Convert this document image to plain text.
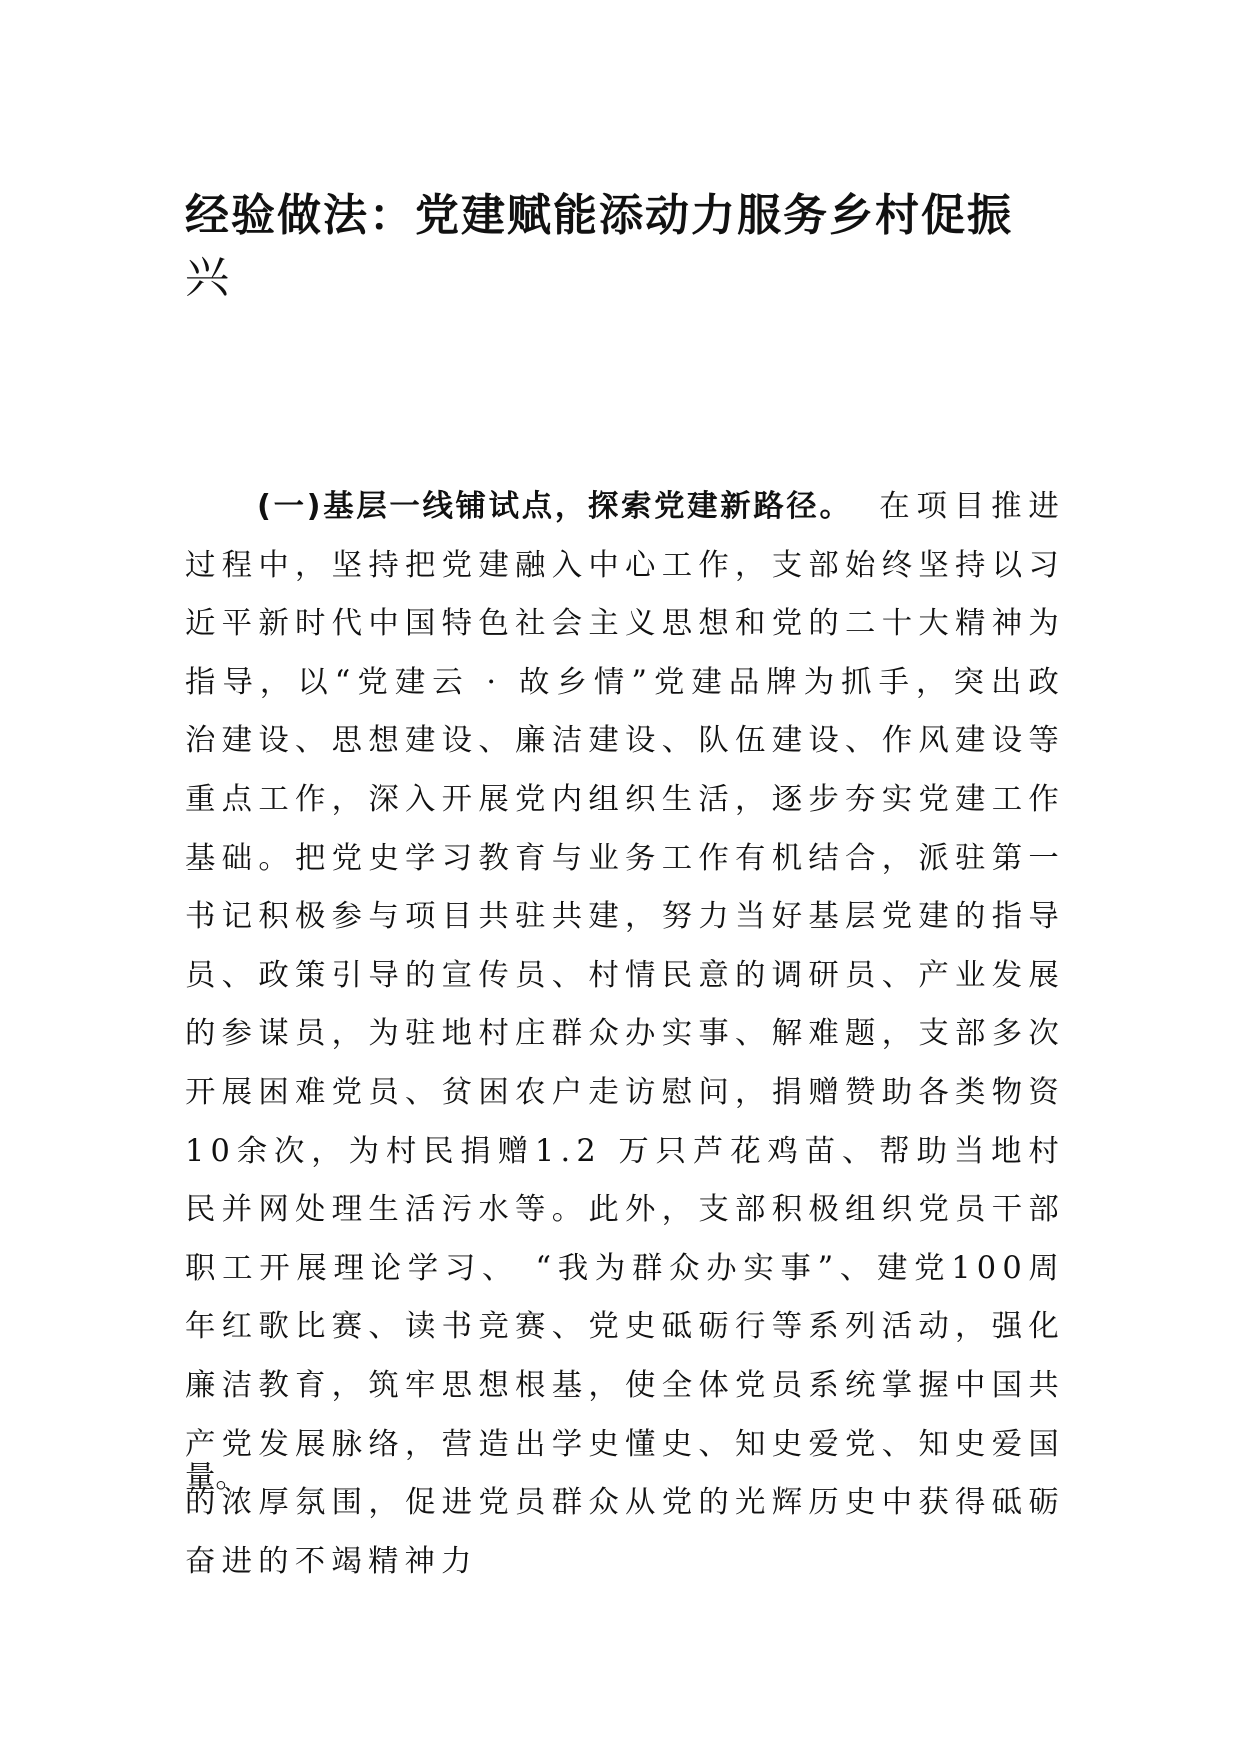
经验做法：党建赋能添动力服务乡村促振
兴

(一)基层一线铺试点，探索党建新路径。 在项目推进过程中，坚持把党建融入中心工作，支部始终坚持以习近平新时代中国特色社会主义思想和党的二十大精神为指导，以“党建云 · 故乡情”党建品牌为抓手，突出政治建设、思想建设、廉洁建设、队伍建设、作风建设等重点工作，深入开展党内组织生活，逐步夯实党建工作基础。把党史学习教育与业务工作有机结合，派驻第一书记积极参与项目共驻共建，努力当好基层党建的指导员、政策引导的宣传员、村情民意的调研员、产业发展的参谋员，为驻地村庄群众办实事、解难题，支部多次开展困难党员、贫困农户走访慰问，捐赠赞助各类物资10余次，为村民捐赠1.2 万只芦花鸡苗、帮助当地村民并网处理生活污水等。此外，支部积极组织党员干部职工开展理论学习、 “我为群众办实事”、建党100周年红歌比赛、读书竞赛、党史砥砺行等系列活动，强化廉洁教育，筑牢思想根基，使全体党员系统掌握中国共产党发展脉络，营造出学史懂史、知史爱党、知史爱国的浓厚氛围，促进党员群众从党的光辉历史中获得砥砺奋进的不竭精神力

量。
